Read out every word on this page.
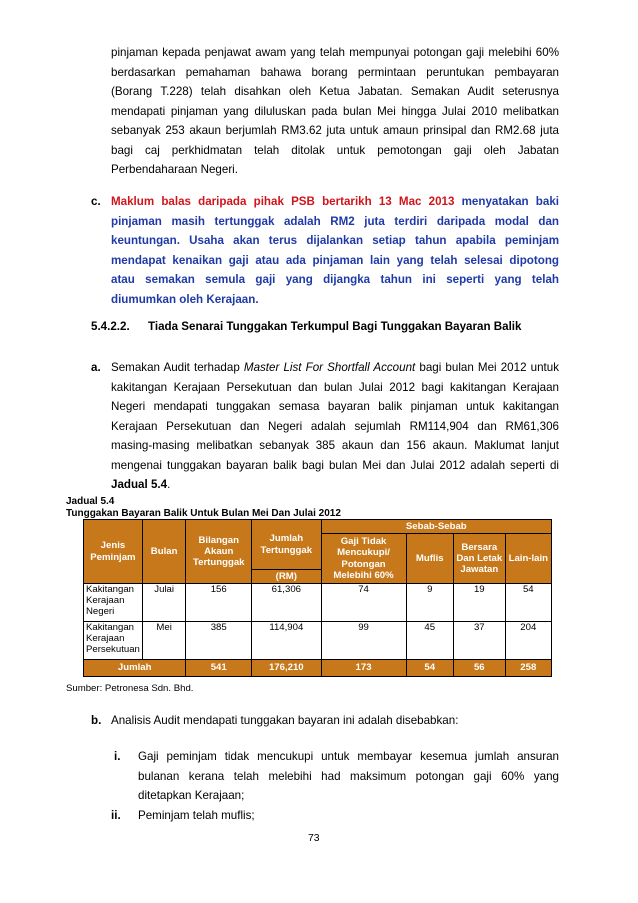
pinjaman kepada penjawat awam yang telah mempunyai potongan gaji melebihi 60%
berdasarkan pemahaman bahawa borang permintaan peruntukan pembayaran
(Borang T.228) telah disahkan oleh Ketua Jabatan. Semakan Audit seterusnya
mendapati pinjaman yang diluluskan pada bulan Mei hingga Julai 2010 melibatkan
sebanyak 253 akaun berjumlah RM3.62 juta untuk amaun prinsipal dan RM2.68 juta
bagi caj perkhidmatan telah ditolak untuk pemotongan gaji oleh Jabatan
Perbendaharaan Negeri.
c. Maklum balas daripada pihak PSB bertarikh 13 Mac 2013 menyatakan baki
pinjaman masih tertunggak adalah RM2 juta terdiri daripada modal dan
keuntungan. Usaha akan terus dijalankan setiap tahun apabila peminjam
mendapat kenaikan gaji atau ada pinjaman lain yang telah selesai dipotong
atau semakan semula gaji yang dijangka tahun ini seperti yang telah
diumumkan oleh Kerajaan.
5.4.2.2. Tiada Senarai Tunggakan Terkumpul Bagi Tunggakan Bayaran Balik
a. Semakan Audit terhadap Master List For Shortfall Account bagi bulan Mei 2012 untuk
kakitangan Kerajaan Persekutuan dan bulan Julai 2012 bagi kakitangan Kerajaan
Negeri mendapati tunggakan semasa bayaran balik pinjaman untuk kakitangan
Kerajaan Persekutuan dan Negeri adalah sejumlah RM114,904 dan RM61,306
masing-masing melibatkan sebanyak 385 akaun dan 156 akaun. Maklumat lanjut
mengenai tunggakan bayaran balik bagi bulan Mei dan Julai 2012 adalah seperti di
Jadual 5.4.
Jadual 5.4
Tunggakan Bayaran Balik Untuk Bulan Mei Dan Julai 2012
Jenis Peminjam	Bulan	Bilangan Akaun Tertunggak	Jumlah Tertunggak	Sebab-Sebab			
				Gaji Tidak Mencukupi/ Potongan Melebihi 60%	Muflis	Bersara Dan Letak Jawatan	Lain-lain
			(RM)				
Kakitangan Kerajaan Negeri	Julai	156	61,306	74	9	19	54
Kakitangan Kerajaan Persekutuan	Mei	385	114,904	99	45	37	204
Jumlah		541	176,210	173	54	56	258
Sumber: Petronesa Sdn. Bhd.
b. Analisis Audit mendapati tunggakan bayaran ini adalah disebabkan:
i. Gaji peminjam tidak mencukupi untuk membayar kesemua jumlah ansuran
bulanan kerana telah melebihi had maksimum potongan gaji 60% yang
ditetapkan Kerajaan;
ii. Peminjam telah muflis;
73
